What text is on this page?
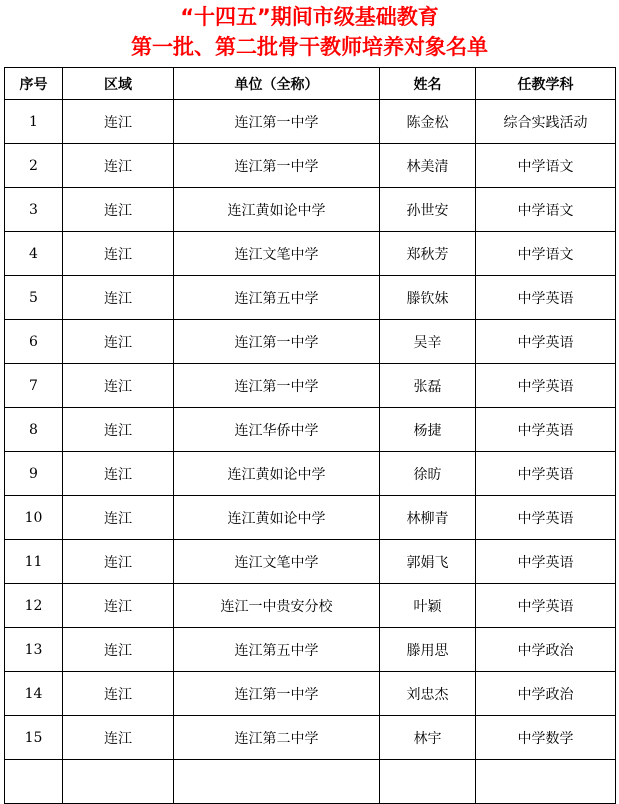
“十四五”期间市级基础教育
第一批、第二批骨干教师培养对象名单
序号	区域	单位（全称）	姓名	任教学科
1	连江	连江第一中学	陈金松	综合实践活动
2	连江	连江第一中学	林美清	中学语文
3	连江	连江黄如论中学	孙世安	中学语文
4	连江	连江文笔中学	郑秋芳	中学语文
5	连江	连江第五中学	滕钦妹	中学英语
6	连江	连江第一中学	吴辛	中学英语
7	连江	连江第一中学	张磊	中学英语
8	连江	连江华侨中学	杨捷	中学英语
9	连江	连江黄如论中学	徐昉	中学英语
10	连江	连江黄如论中学	林柳青	中学英语
11	连江	连江文笔中学	郭娟飞	中学英语
12	连江	连江一中贵安分校	叶颖	中学英语
13	连江	连江第五中学	滕用思	中学政治
14	连江	连江第一中学	刘忠杰	中学政治
15	连江	连江第二中学	林宇	中学数学
